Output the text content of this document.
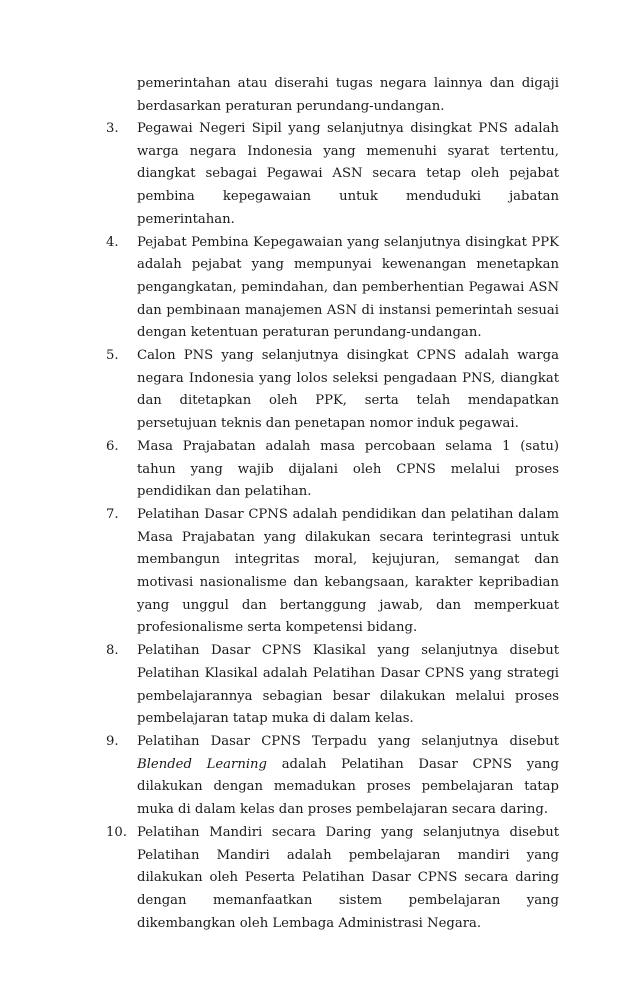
pemerintahan atau diserahi tugas negara lainnya dan digaji berdasarkan peraturan perundang-undangan.

3.	Pegawai Negeri Sipil yang selanjutnya disingkat PNS adalah warga negara Indonesia yang memenuhi syarat tertentu, diangkat sebagai Pegawai ASN secara tetap oleh pejabat pembina kepegawaian untuk menduduki jabatan pemerintahan.
4.	Pejabat Pembina Kepegawaian yang selanjutnya disingkat PPK adalah pejabat yang mempunyai kewenangan menetapkan pengangkatan, pemindahan, dan pemberhentian Pegawai ASN dan pembinaan manajemen ASN di instansi pemerintah sesuai dengan ketentuan peraturan perundang-undangan.
5.	Calon PNS yang selanjutnya disingkat CPNS adalah warga negara Indonesia yang lolos seleksi pengadaan PNS, diangkat dan ditetapkan oleh PPK, serta telah mendapatkan persetujuan teknis dan penetapan nomor induk pegawai.
6.	Masa Prajabatan adalah masa percobaan selama 1 (satu) tahun yang wajib dijalani oleh CPNS melalui proses pendidikan dan pelatihan.
7.	Pelatihan Dasar CPNS adalah pendidikan dan pelatihan dalam Masa Prajabatan yang dilakukan secara terintegrasi untuk membangun integritas moral, kejujuran, semangat dan motivasi nasionalisme dan kebangsaan, karakter kepribadian yang unggul dan bertanggung jawab, dan memperkuat profesionalisme serta kompetensi bidang.
8.	Pelatihan Dasar CPNS Klasikal yang selanjutnya disebut Pelatihan Klasikal adalah Pelatihan Dasar CPNS yang strategi pembelajarannya sebagian besar dilakukan melalui proses pembelajaran tatap muka di dalam kelas.
9.	Pelatihan Dasar CPNS Terpadu yang selanjutnya disebut Blended Learning adalah Pelatihan Dasar CPNS yang dilakukan dengan memadukan proses pembelajaran tatap muka di dalam kelas dan proses pembelajaran secara daring.
10. Pelatihan Mandiri secara Daring yang selanjutnya disebut Pelatihan Mandiri adalah pembelajaran mandiri yang dilakukan oleh Peserta Pelatihan Dasar CPNS secara daring dengan memanfaatkan sistem pembelajaran yang dikembangkan oleh Lembaga Administrasi Negara.
